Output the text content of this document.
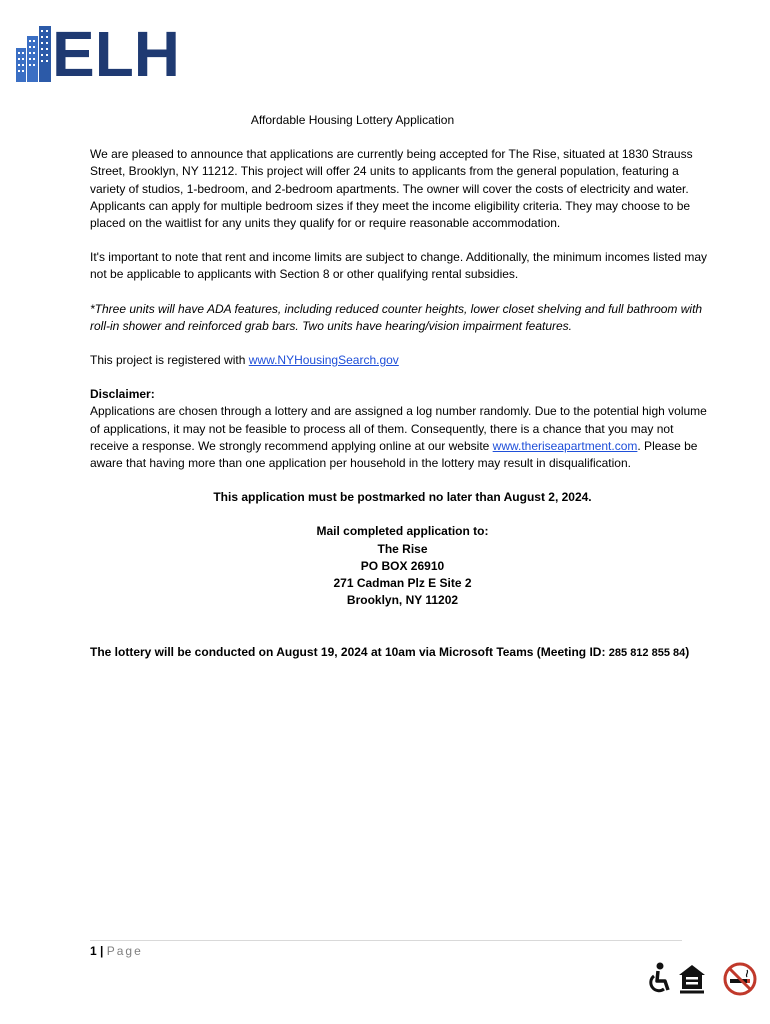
ELH
Affordable Housing Lottery Application

We are pleased to announce that applications are currently being accepted for The Rise, situated at 1830 Strauss Street, Brooklyn, NY 11212. This project will offer 24 units to applicants from the general population, featuring a variety of studios, 1-bedroom, and 2-bedroom apartments. The owner will cover the costs of electricity and water. Applicants can apply for multiple bedroom sizes if they meet the income eligibility criteria. They may choose to be placed on the waitlist for any units they qualify for or require reasonable accommodation.

It's important to note that rent and income limits are subject to change. Additionally, the minimum incomes listed may not be applicable to applicants with Section 8 or other qualifying rental subsidies.

*Three units will have ADA features, including reduced counter heights, lower closet shelving and full bathroom with roll-in shower and reinforced grab bars. Two units have hearing/vision impairment features.

This project is registered with www.NYHousingSearch.gov

Disclaimer:

Applications are chosen through a lottery and are assigned a log number randomly. Due to the potential high volume of applications, it may not be feasible to process all of them. Consequently, there is a chance that you may not receive a response. We strongly recommend applying online at our website www.theriseapartment.com. Please be aware that having more than one application per household in the lottery may result in disqualification.

This application must be postmarked no later than August 2, 2024.

Mail completed application to:
The Rise
PO BOX 26910
271 Cadman Plz E Site 2
Brooklyn, NY 11202
The lottery will be conducted on August 19, 2024 at 10am via Microsoft Teams (Meeting ID: 285 812 855 84)
1 | Page
